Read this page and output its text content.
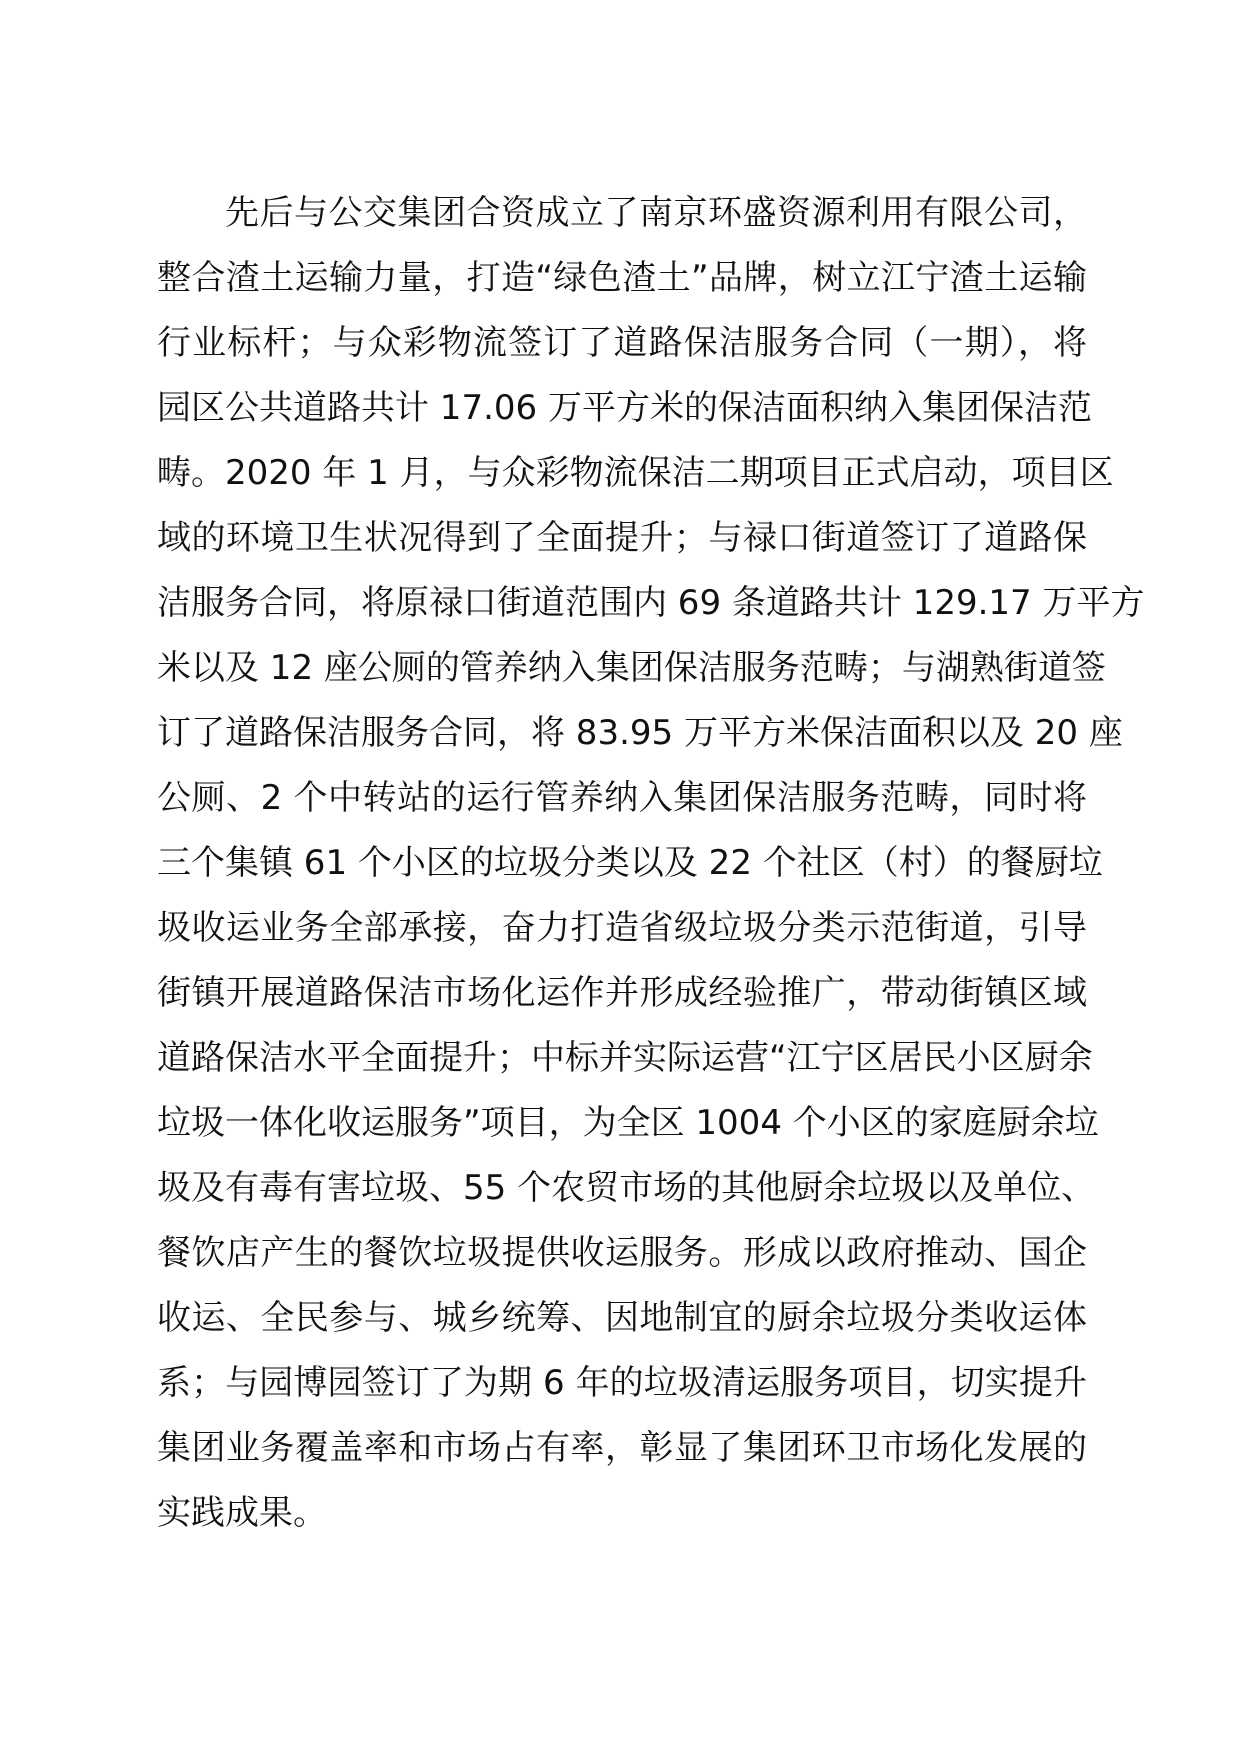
先后与公交集团合资成立了南京环盛资源利用有限公司，
整合渣土运输力量，打造“绿色渣土”品牌，树立江宁渣土运输
行业标杆；与众彩物流签订了道路保洁服务合同（一期），将
园区公共道路共计 17.06 万平方米的保洁面积纳入集团保洁范
畴。2020 年 1 月，与众彩物流保洁二期项目正式启动，项目区
域的环境卫生状况得到了全面提升；与禄口街道签订了道路保
洁服务合同，将原禄口街道范围内 69 条道路共计 129.17 万平方
米以及 12 座公厕的管养纳入集团保洁服务范畴；与湖熟街道签
订了道路保洁服务合同，将 83.95 万平方米保洁面积以及 20 座
公厕、2 个中转站的运行管养纳入集团保洁服务范畴，同时将
三个集镇 61 个小区的垃圾分类以及 22 个社区（村）的餐厨垃
圾收运业务全部承接，奋力打造省级垃圾分类示范街道，引导
街镇开展道路保洁市场化运作并形成经验推广，带动街镇区域
道路保洁水平全面提升；中标并实际运营“江宁区居民小区厨余
垃圾一体化收运服务”项目，为全区 1004 个小区的家庭厨余垃
圾及有毒有害垃圾、55 个农贸市场的其他厨余垃圾以及单位、
餐饮店产生的餐饮垃圾提供收运服务。形成以政府推动、国企
收运、全民参与、城乡统筹、因地制宜的厨余垃圾分类收运体
系；与园博园签订了为期 6 年的垃圾清运服务项目，切实提升
集团业务覆盖率和市场占有率，彰显了集团环卫市场化发展的
实践成果。
